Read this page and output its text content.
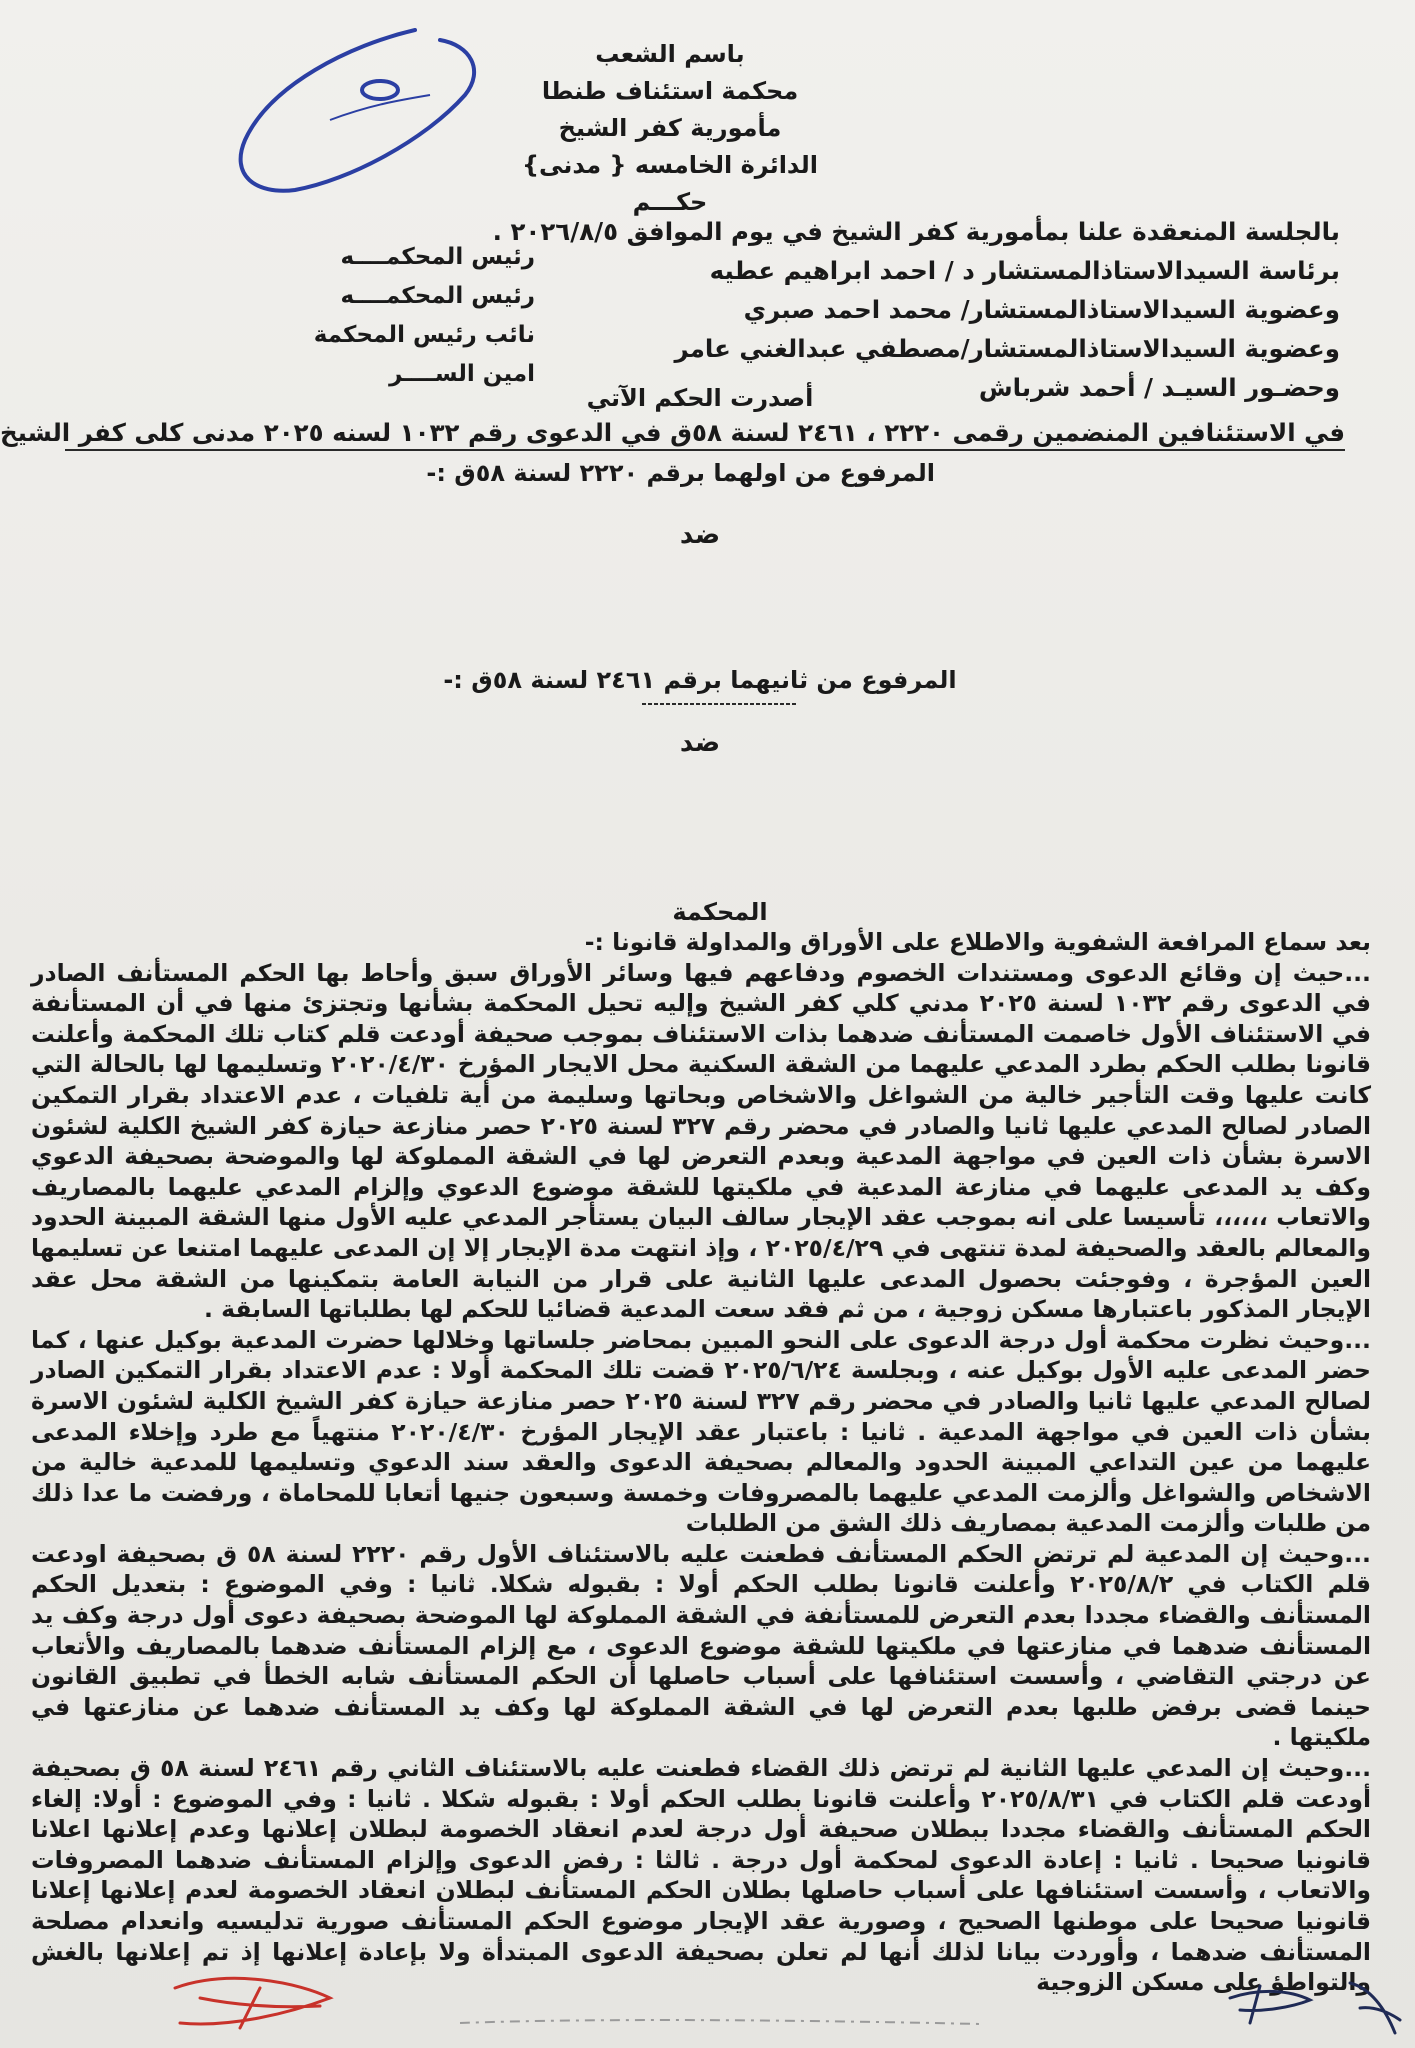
باسم الشعب
محكمة استئناف طنطا
مأمورية كفر الشيخ
الدائرة الخامسه { مدنى}
حكـــم
بالجلسة المنعقدة علنا بمأمورية كفر الشيخ في يوم الموافق ٢٠٢٦/٨/٥ .
برئاسة السيدالاستاذالمستشار د / احمد ابراهيم عطيه
وعضوية السيدالاستاذالمستشار/ محمد احمد صبري
وعضوية السيدالاستاذالمستشار/مصطفي عبدالغني عامر
وحضـور السيـد / أحمد شرباش
رئيس المحكمــــه
رئيس المحكمــــه
نائب رئيس المحكمة
امين الســــر
أصدرت الحكم الآتي
في الاستئنافين المنضمين رقمى ٢٢٢٠ ، ٢٤٦١ لسنة ٥٨ق في الدعوى رقم ١٠٣٢ لسنه ٢٠٢٥ مدنى كلى كفر الشيخ
المرفوع من اولهما برقم ٢٢٢٠ لسنة ٥٨ق :-
ضد
المرفوع من ثانيهما برقم ٢٤٦١ لسنة ٥٨ق :-
ضد
المحكمة

بعد سماع المرافعة الشفوية والاطلاع على الأوراق والمداولة قانونا :-

...حيث إن وقائع الدعوى ومستندات الخصوم ودفاعهم فيها وسائر الأوراق سبق وأحاط بها الحكم المستأنف الصادر في الدعوى رقم ١٠٣٢ لسنة ٢٠٢٥ مدني كلي كفر الشيخ وإليه تحيل المحكمة بشأنها وتجتزئ منها في أن المستأنفة في الاستئناف الأول خاصمت المستأنف ضدهما بذات الاستئناف بموجب صحيفة أودعت قلم كتاب تلك المحكمة وأعلنت قانونا بطلب الحكم بطرد المدعي عليهما من الشقة السكنية محل الايجار المؤرخ ٢٠٢٠/٤/٣٠ وتسليمها لها بالحالة التي كانت عليها وقت التأجير خالية من الشواغل والاشخاص وبحاتها وسليمة من أية تلفيات ، عدم الاعتداد بقرار التمكين الصادر لصالح المدعي عليها ثانيا والصادر في محضر رقم ٣٢٧ لسنة ٢٠٢٥ حصر منازعة حيازة كفر الشيخ الكلية لشئون الاسرة بشأن ذات العين في مواجهة المدعية وبعدم التعرض لها في الشقة المملوكة لها والموضحة بصحيفة الدعوي وكف يد المدعى عليهما في منازعة المدعية في ملكيتها للشقة موضوع الدعوي وإلزام المدعي عليهما بالمصاريف والاتعاب ،،،،،، تأسيسا على انه بموجب عقد الإيجار سالف البيان يستأجر المدعي عليه الأول منها الشقة المبينة الحدود والمعالم بالعقد والصحيفة لمدة تنتهى في ٢٠٢٥/٤/٢٩ ، وإذ انتهت مدة الإيجار إلا إن المدعى عليهما امتنعا عن تسليمها العين المؤجرة ، وفوجئت بحصول المدعى عليها الثانية على قرار من النيابة العامة بتمكينها من الشقة محل عقد الإيجار المذكور باعتبارها مسكن زوجية ، من ثم فقد سعت المدعية قضائيا للحكم لها بطلباتها السابقة .

...وحيث نظرت محكمة أول درجة الدعوى على النحو المبين بمحاضر جلساتها وخلالها حضرت المدعية بوكيل عنها ، كما حضر المدعى عليه الأول بوكيل عنه ، وبجلسة ٢٠٢٥/٦/٢٤ قضت تلك المحكمة أولا : عدم الاعتداد بقرار التمكين الصادر لصالح المدعي عليها ثانيا والصادر في محضر رقم ٣٢٧ لسنة ٢٠٢٥ حصر منازعة حيازة كفر الشيخ الكلية لشئون الاسرة بشأن ذات العين في مواجهة المدعية . ثانيا : باعتبار عقد الإيجار المؤرخ ٢٠٢٠/٤/٣٠ منتهياً مع طرد وإخلاء المدعى عليهما من عين التداعي المبينة الحدود والمعالم بصحيفة الدعوى والعقد سند الدعوي وتسليمها للمدعية خالية من الاشخاص والشواغل وألزمت المدعي عليهما بالمصروفات وخمسة وسبعون جنيها أتعابا للمحاماة ، ورفضت ما عدا ذلك من طلبات وألزمت المدعية بمصاريف ذلك الشق من الطلبات

...وحيث إن المدعية لم ترتض الحكم المستأنف فطعنت عليه بالاستئناف الأول رقم ٢٢٢٠ لسنة ٥٨ ق بصحيفة اودعت قلم الكتاب في ٢٠٢٥/٨/٢ وأعلنت قانونا بطلب الحكم أولا : بقبوله شكلا. ثانيا : وفي الموضوع : بتعديل الحكم المستأنف والقضاء مجددا بعدم التعرض للمستأنفة في الشقة المملوكة لها الموضحة بصحيفة دعوى أول درجة وكف يد المستأنف ضدهما في منازعتها في ملكيتها للشقة موضوع الدعوى ، مع إلزام المستأنف ضدهما بالمصاريف والأتعاب عن درجتي التقاضي ، وأسست استئنافها على أسباب حاصلها أن الحكم المستأنف شابه الخطأ في تطبيق القانون حينما قضى برفض طلبها بعدم التعرض لها في الشقة المملوكة لها وكف يد المستأنف ضدهما عن منازعتها في ملكيتها .

...وحيث إن المدعي عليها الثانية لم ترتض ذلك القضاء فطعنت عليه بالاستئناف الثاني رقم ٢٤٦١ لسنة ٥٨ ق بصحيفة أودعت قلم الكتاب في ٢٠٢٥/٨/٣١ وأعلنت قانونا بطلب الحكم أولا : بقبوله شكلا . ثانيا : وفي الموضوع : أولا: إلغاء الحكم المستأنف والقضاء مجددا ببطلان صحيفة أول درجة لعدم انعقاد الخصومة لبطلان إعلانها وعدم إعلانها اعلانا قانونيا صحيحا . ثانيا : إعادة الدعوى لمحكمة أول درجة . ثالثا : رفض الدعوى وإلزام المستأنف ضدهما المصروفات والاتعاب ، وأسست استئنافها على أسباب حاصلها بطلان الحكم المستأنف لبطلان انعقاد الخصومة لعدم إعلانها إعلانا قانونيا صحيحا على موطنها الصحيح ، وصورية عقد الإيجار موضوع الحكم المستأنف صورية تدليسيه وانعدام مصلحة المستأنف ضدهما ، وأوردت بيانا لذلك أنها لم تعلن بصحيفة الدعوى المبتدأة ولا بإعادة إعلانها إذ تم إعلانها بالغش والتواطؤ على مسكن الزوجية
